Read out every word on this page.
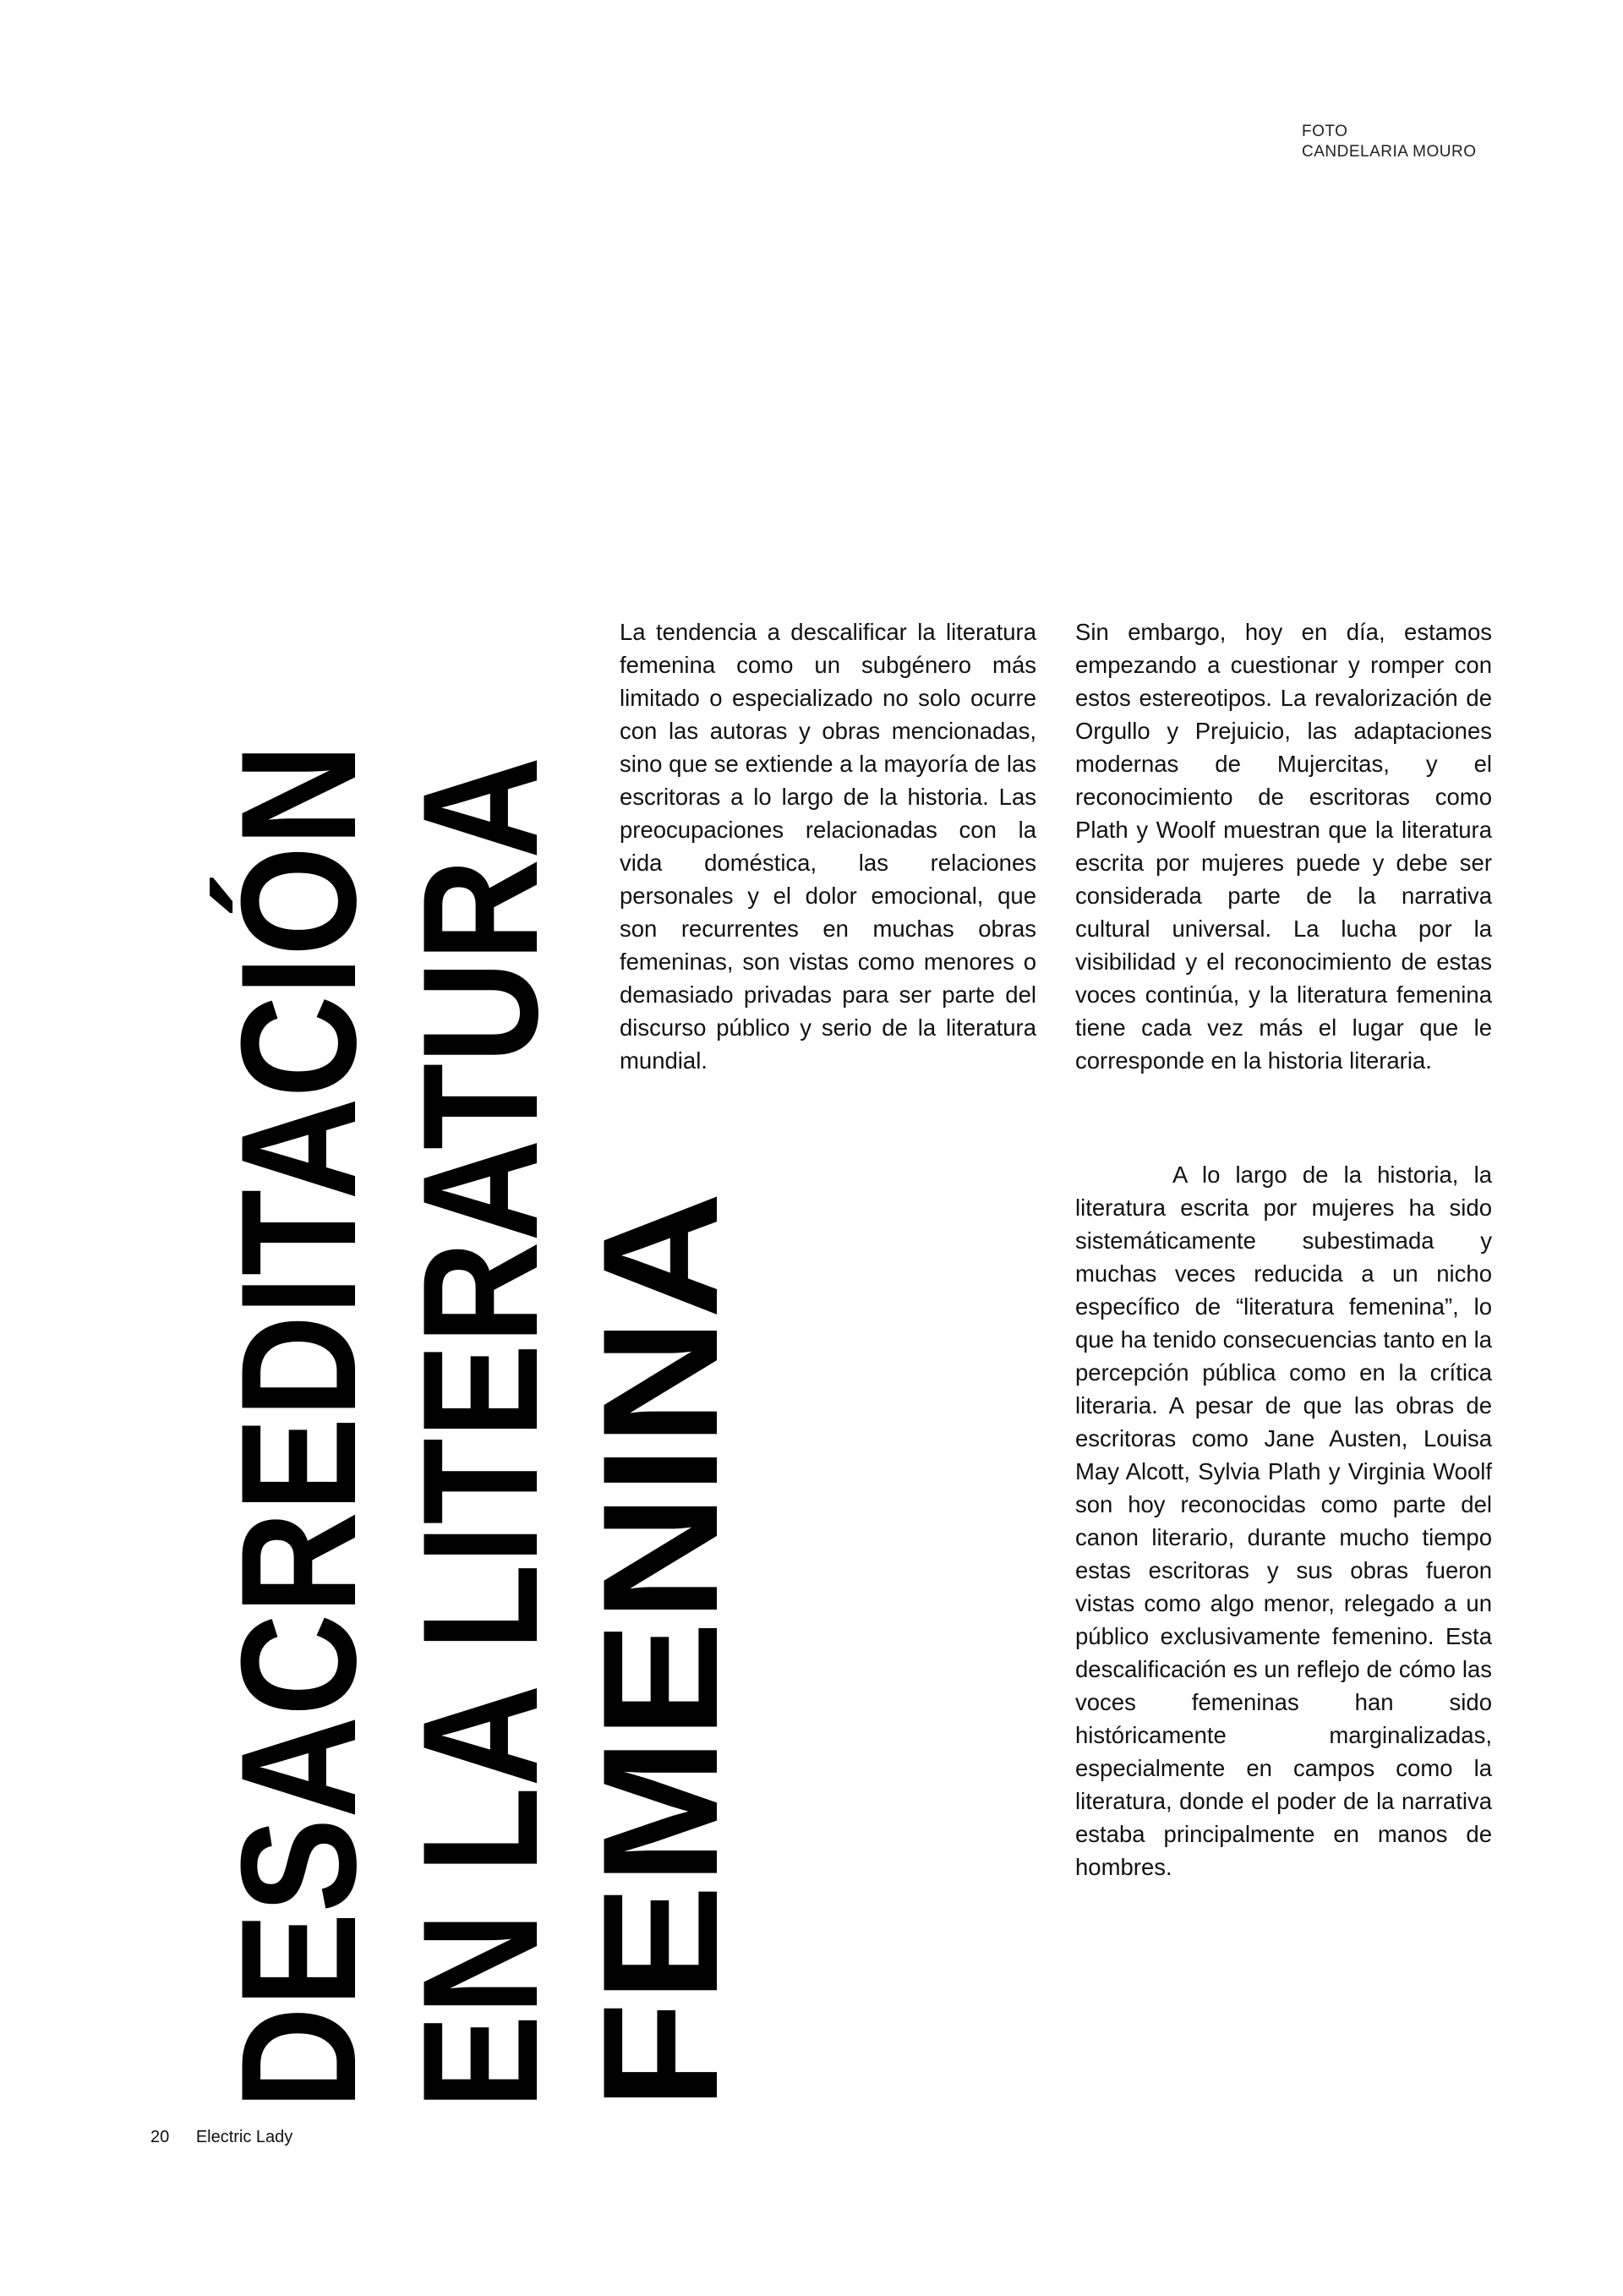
FOTO
CANDELARIA MOURO
DESACREDITACIÓN
EN LA LITERATURA
FEMENINA

La tendencia a descalificar la literatura femenina como un subgénero más limitado o especializado no solo ocurre con las autoras y obras mencionadas, sino que se extiende a la mayoría de las escritoras a lo largo de la historia. Las preocupaciones relacionadas con la vida doméstica, las relaciones personales y el dolor emocional, que son recurrentes en muchas obras femeninas, son vistas como menores o demasiado privadas para ser parte del discurso público y serio de la literatura mundial.

Sin embargo, hoy en día, estamos empezando a cuestionar y romper con estos estereotipos. La revalorización de Orgullo y Prejuicio, las adaptaciones modernas de Mujercitas, y el reconocimiento de escritoras como Plath y Woolf muestran que la literatura escrita por mujeres puede y debe ser considerada parte de la narrativa cultural universal. La lucha por la visibilidad y el reconocimiento de estas voces continúa, y la literatura femenina tiene cada vez más el lugar que le corresponde en la historia literaria.

A lo largo de la historia, la literatura escrita por mujeres ha sido sistemáticamente subestimada y muchas veces reducida a un nicho específico de “literatura femenina”, lo que ha tenido consecuencias tanto en la percepción pública como en la crítica literaria. A pesar de que las obras de escritoras como Jane Austen, Louisa May Alcott, Sylvia Plath y Virginia Woolf son hoy reconocidas como parte del canon literario, durante mucho tiempo estas escritoras y sus obras fueron vistas como algo menor, relegado a un público exclusivamente femenino. Esta descalificación es un reflejo de cómo las voces femeninas han sido históricamente marginalizadas, especialmente en campos como la literatura, donde el poder de la narrativa estaba principalmente en manos de hombres.

20 Electric Lady
